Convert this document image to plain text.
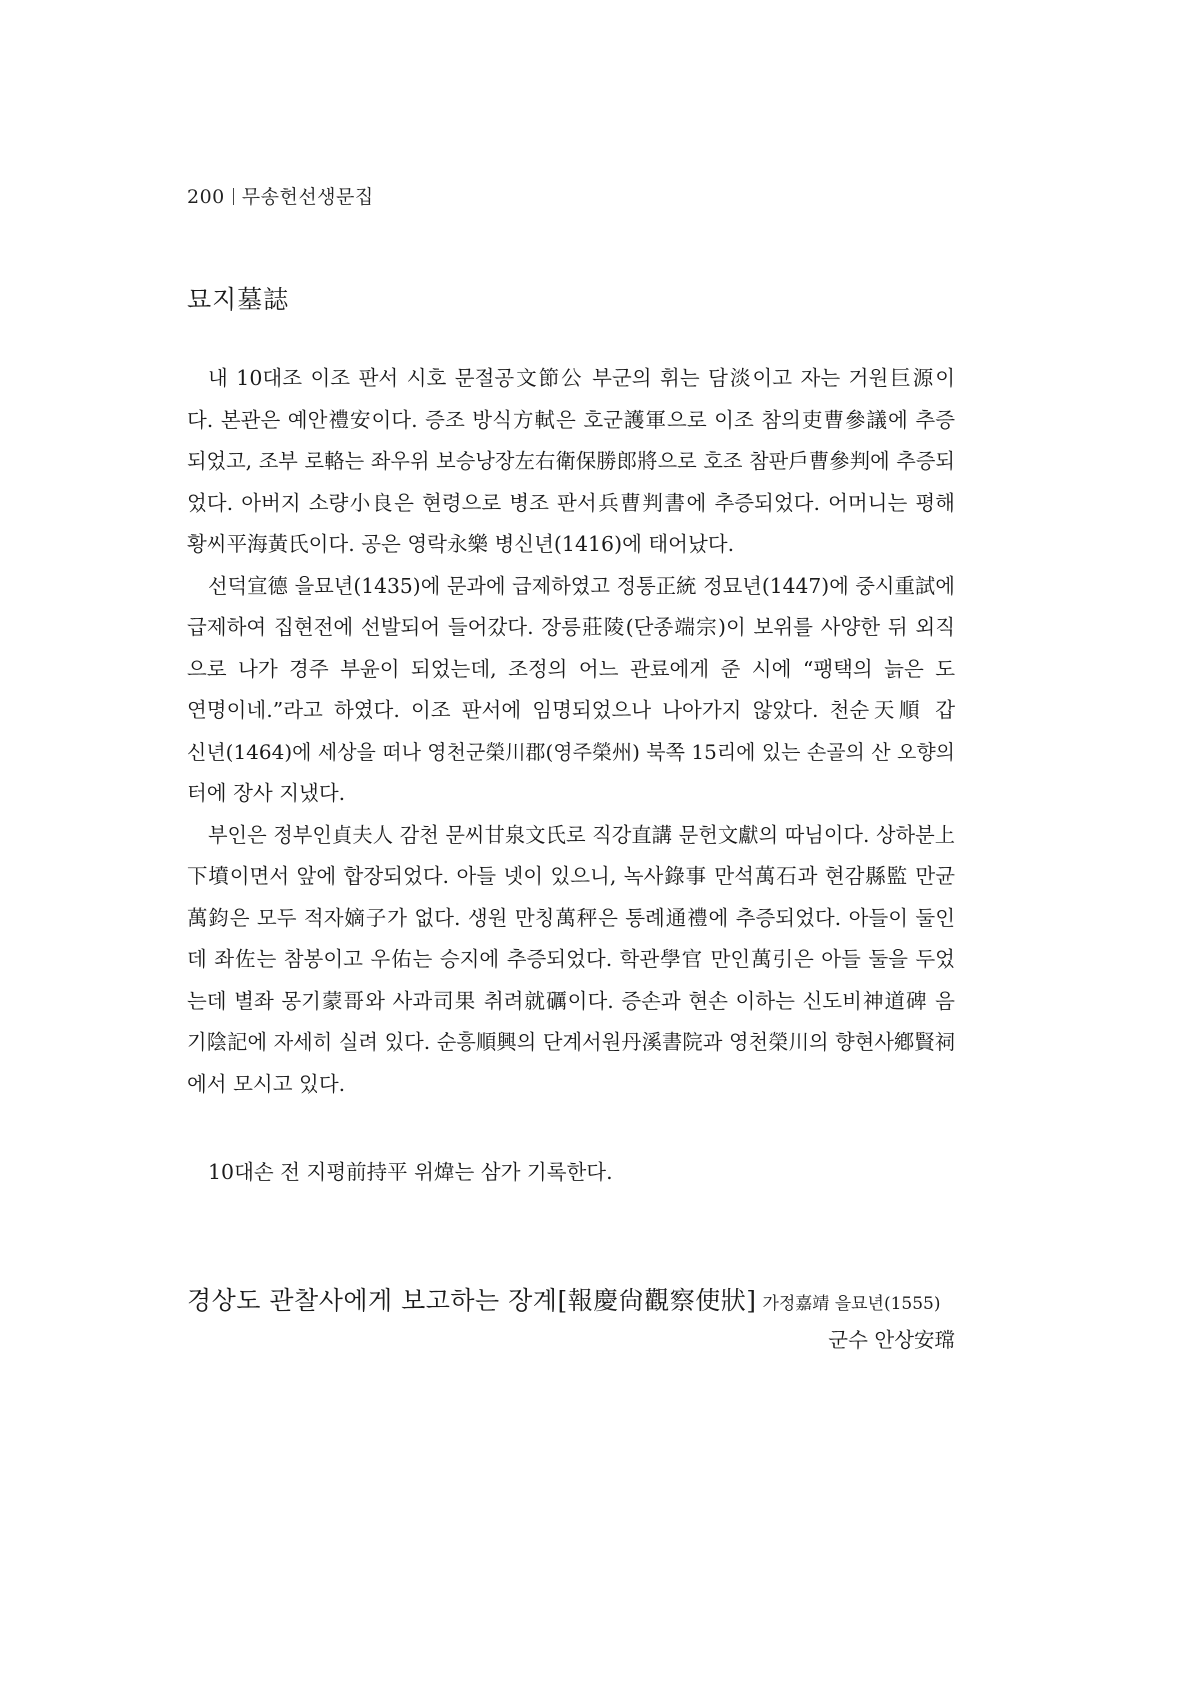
200 무송헌선생문집
묘지墓誌
내 10대조 이조 판서 시호 문절공文節公 부군의 휘는 담淡이고 자는 거원巨源이
다. 본관은 예안禮安이다. 증조 방식方軾은 호군護軍으로 이조 참의吏曹參議에 추증
되었고, 조부 로輅는 좌우위 보승낭장左右衛保勝郎將으로 호조 참판戶曹參判에 추증되
었다. 아버지 소량小良은 현령으로 병조 판서兵曹判書에 추증되었다. 어머니는 평해
황씨平海黃氏이다. 공은 영락永樂 병신년(1416)에 태어났다.
선덕宣德 을묘년(1435)에 문과에 급제하였고 정통正統 정묘년(1447)에 중시重試에
급제하여 집현전에 선발되어 들어갔다. 장릉莊陵(단종端宗)이 보위를 사양한 뒤 외직
으로 나가 경주 부윤이 되었는데, 조정의 어느 관료에게 준 시에 “팽택의 늙은 도
연명이네.”라고 하였다. 이조 판서에 임명되었으나 나아가지 않았다. 천순天順 갑
신년(1464)에 세상을 떠나 영천군榮川郡(영주榮州) 북쪽 15리에 있는 손골의 산 오향의
터에 장사 지냈다.
부인은 정부인貞夫人 감천 문씨甘泉文氏로 직강直講 문헌文獻의 따님이다. 상하분上
下墳이면서 앞에 합장되었다. 아들 넷이 있으니, 녹사錄事 만석萬石과 현감縣監 만균
萬鈞은 모두 적자嫡子가 없다. 생원 만칭萬秤은 통례通禮에 추증되었다. 아들이 둘인
데 좌佐는 참봉이고 우佑는 승지에 추증되었다. 학관學官 만인萬引은 아들 둘을 두었
는데 별좌 몽기蒙哥와 사과司果 취려就礪이다. 증손과 현손 이하는 신도비神道碑 음
기陰記에 자세히 실려 있다. 순흥順興의 단계서원丹溪書院과 영천榮川의 향현사鄕賢祠
에서 모시고 있다.
10대손 전 지평前持平 위煒는 삼가 기록한다.
경상도 관찰사에게 보고하는 장계[報慶尙觀察使狀] 가정嘉靖 을묘년(1555)
군수 안상安瑺
